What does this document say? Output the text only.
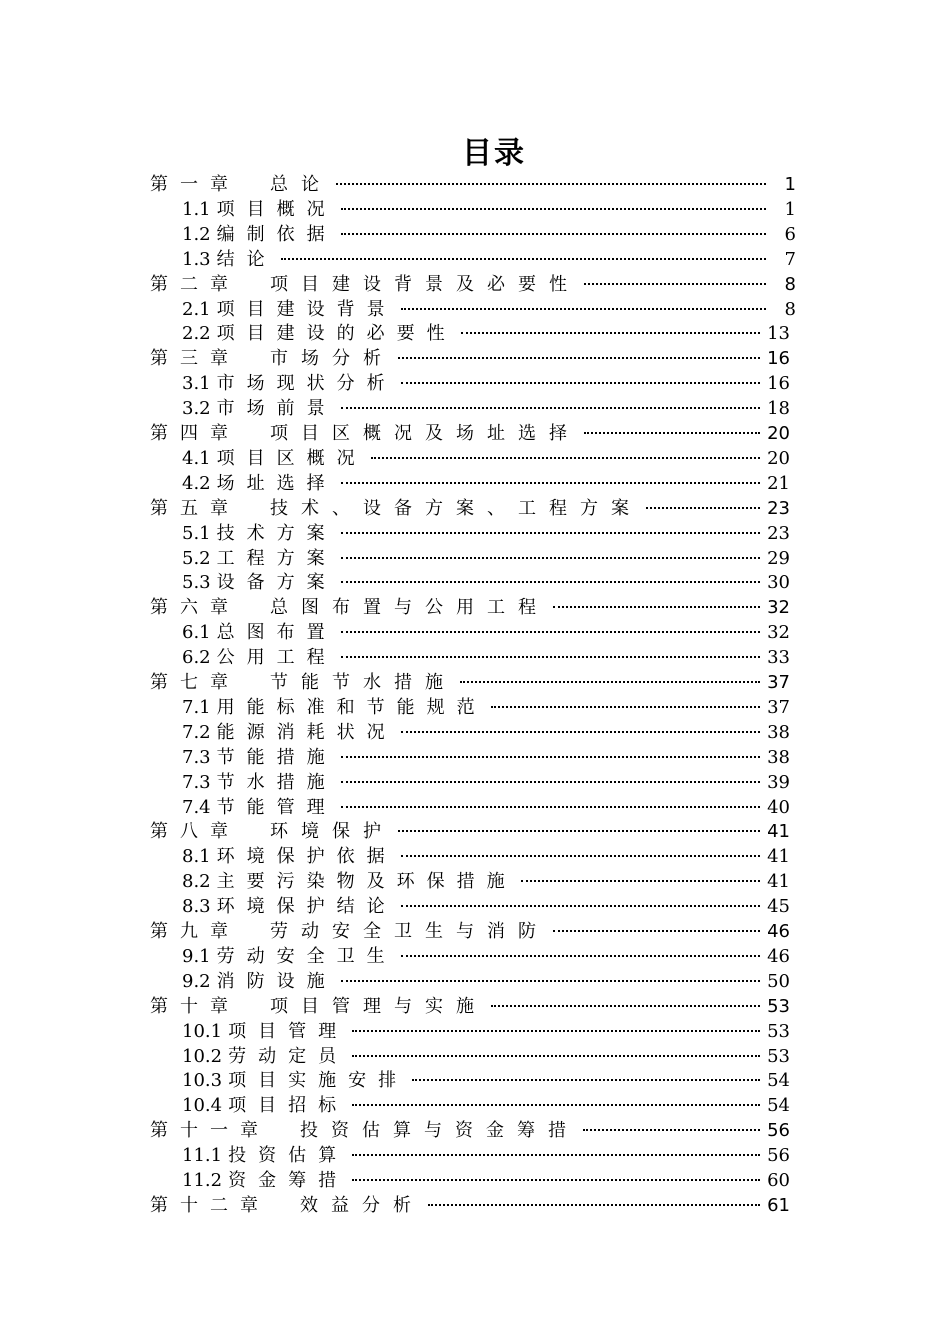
目录
第一章 总论	1
1.1 项目概况	1
1.2 编制依据	6
1.3 结论	7
第二章 项目建设背景及必要性	8
2.1 项目建设背景	8
2.2 项目建设的必要性	13
第三章 市场分析	16
3.1 市场现状分析	16
3.2 市场前景	18
第四章 项目区概况及场址选择	20
4.1 项目区概况	20
4.2 场址选择	21
第五章 技术、设备方案、工程方案	23
5.1 技术方案	23
5.2 工程方案	29
5.3 设备方案	30
第六章 总图布置与公用工程	32
6.1 总图布置	32
6.2 公用工程	33
第七章 节能节水措施	37
7.1 用能标准和节能规范	37
7.2 能源消耗状况	38
7.3 节能措施	38
7.3 节水措施	39
7.4 节能管理	40
第八章 环境保护	41
8.1 环境保护依据	41
8.2 主要污染物及环保措施	41
8.3 环境保护结论	45
第九章 劳动安全卫生与消防	46
9.1 劳动安全卫生	46
9.2 消防设施	50
第十章 项目管理与实施	53
10.1 项目管理	53
10.2 劳动定员	53
10.3 项目实施安排	54
10.4 项目招标	54
第十一章 投资估算与资金筹措	56
11.1 投资估算	56
11.2 资金筹措	60
第十二章 效益分析	61
